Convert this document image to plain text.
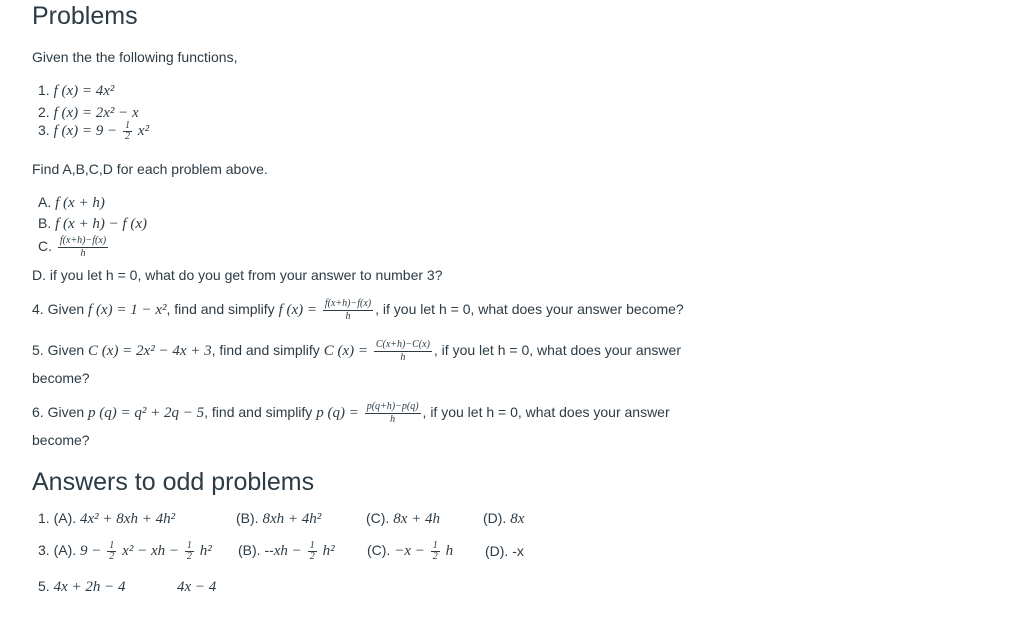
Problems
Given the the following functions,
1. f (x) = 4x²
2. f (x) = 2x² − x
3. f $(x) = 9 - \frac{1}{2} x^2$
Find A,B,C,D for each problem above.
A. f (x + h)
B. f (x + h) − f (x)
C. $\frac{f(x+h)-f(x)}{h}$
D. if you let h = 0, what do you get from your answer to number 3?
4. Given f (x) = 1 − x², find and simplify f $(x) = \frac{f(x+h)-f(x)}{h}$ , if you let h = 0, what does your answer become?
5. Given C (x) = 2x² − 4x + 3, find and simplify C $(x) = \frac{C(x+h)-C(x)}{h}$ , if you let h = 0, what does your answer
become?
6. Given p (q) = q² + 2q − 5, find and simplify p $(q) = \frac{p(q+h)-p(q)}{h}$ , if you let h = 0, what does your answer
become?
Answers to odd problems
1. (A). 4x² + 8xh + 4h²	(B). 8xh + 4h²	(C). 8x + 4h	(D). 8x
3. (A). $9 - \frac{1}{2} x^2$ − xh − $\frac{1}{2} h^2$ (B). $--xh - \frac{1}{2} h^2$ (C). $-x - \frac{1}{2}$ h (D). -x
5. 4x + 2h − 4	4x − 4
